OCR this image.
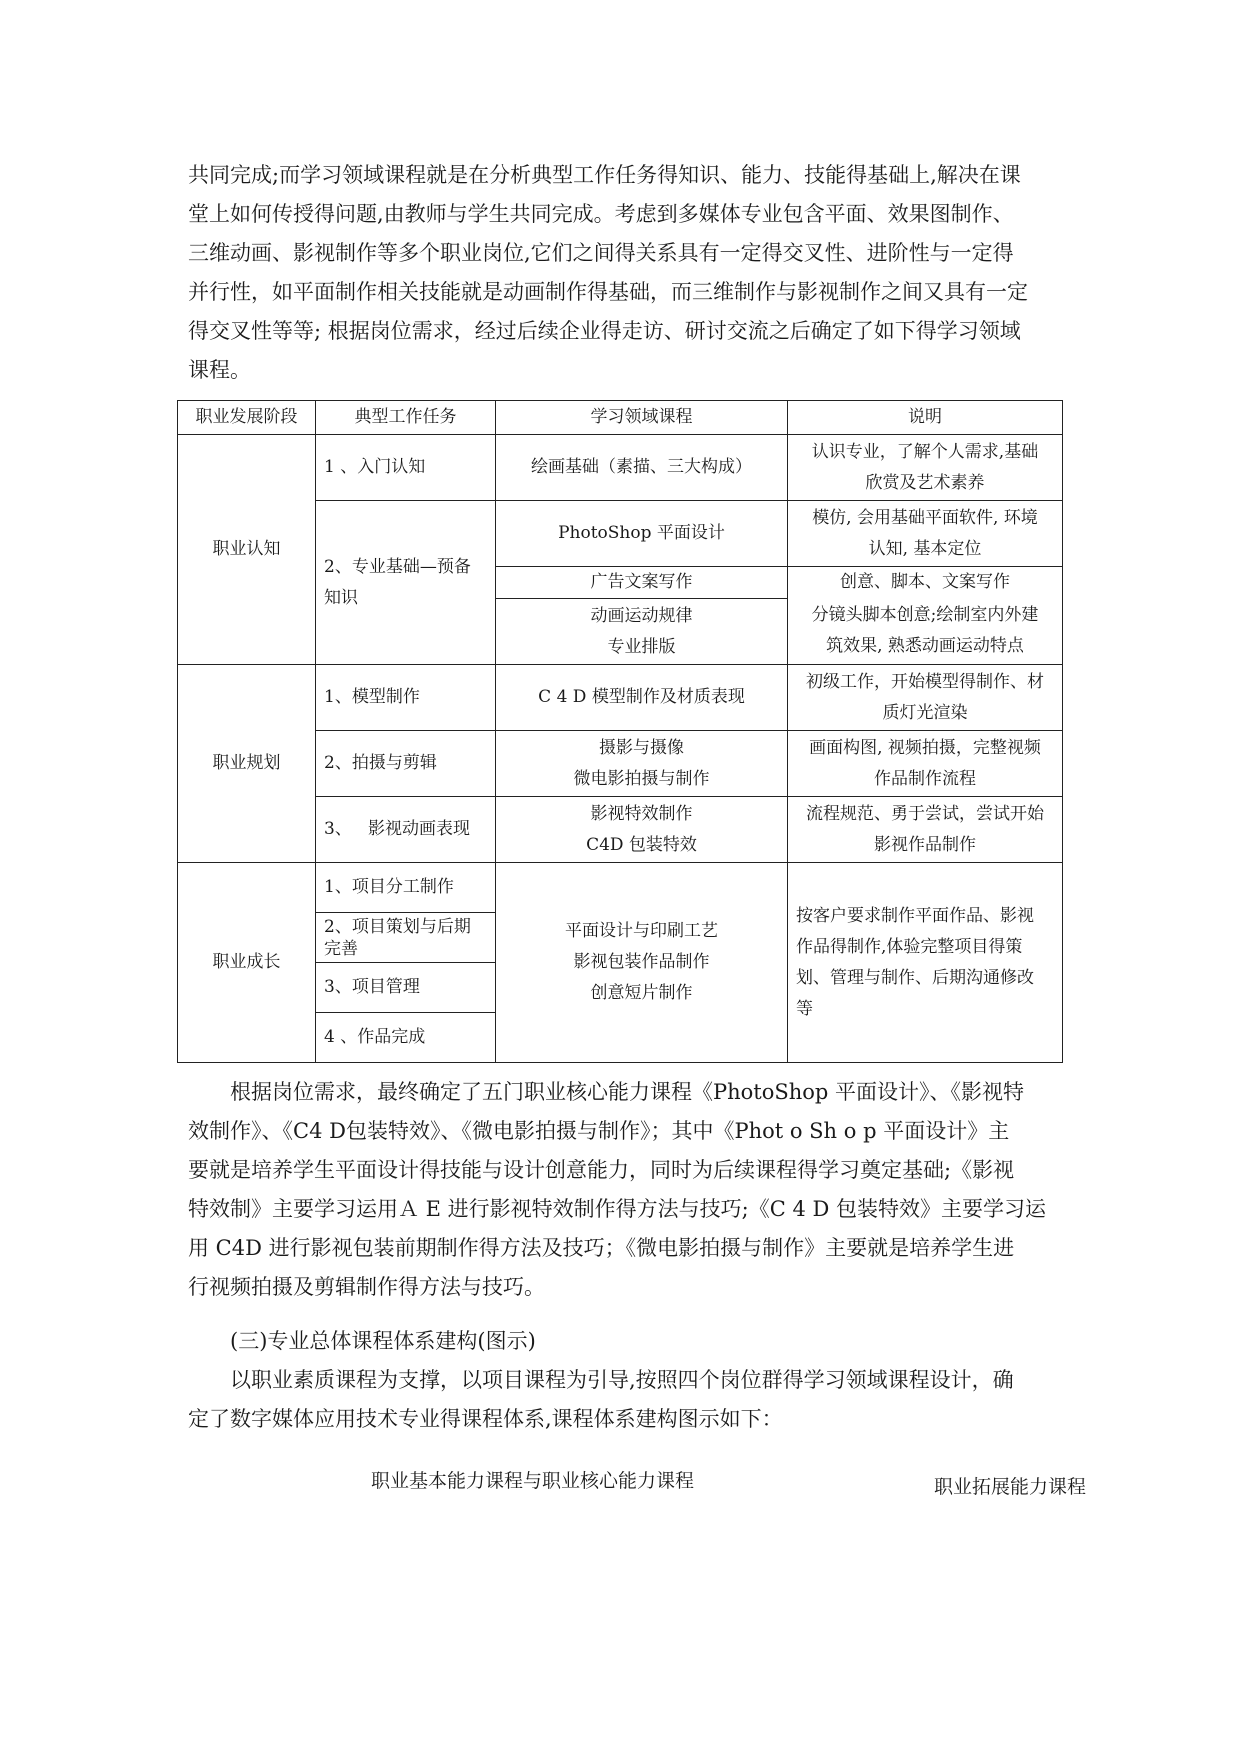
共同完成;而学习领域课程就是在分析典型工作任务得知识、能力、技能得基础上,解决在课
堂上如何传授得问题,由教师与学生共同完成。考虑到多媒体专业包含平面、效果图制作、
三维动画、影视制作等多个职业岗位,它们之间得关系具有一定得交叉性、进阶性与一定得
并行性，如平面制作相关技能就是动画制作得基础，而三维制作与影视制作之间又具有一定
得交叉性等等; 根据岗位需求，经过后续企业得走访、研讨交流之后确定了如下得学习领域
课程。
职业发展阶段	典型工作任务	学习领域课程	说明
职业认知	1 、入门认知	绘画基础（素描、三大构成）	认识专业，了解个人需求,基础
欣赏及艺术素养

	2、专业基础—预备
知识	PhotoShop 平面设计	模仿, 会用基础平面软件, 环境
认知, 基本定位

		广告文案写作	创意、脚本、文案写作

		动画运动规律
专业排版	分镜头脚本创意;绘制室内外建
筑效果, 熟悉动画运动特点

职业规划	1、模型制作	C 4 D 模型制作及材质表现	初级工作，开始模型得制作、材
质灯光渲染

	2、拍摄与剪辑	摄影与摄像
微电影拍摄与制作	画面构图, 视频拍摄，完整视频
作品制作流程

	3、   影视动画表现	影视特效制作
C4D 包装特效	流程规范、勇于尝试，尝试开始
影视作品制作

职业成长	1、项目分工制作	平面设计与印刷工艺
影视包装作品制作
创意短片制作	按客户要求制作平面作品、影视
作品得制作,体验完整项目得策
划、管理与制作、后期沟通修改
等

	2、项目策划与后期
完善		

	3、项目管理		
	4 、作品完成		
根据岗位需求，最终确定了五门职业核心能力课程《PhotoShop 平面设计》、《影视特
效制作》、《C4 D包装特效》、《微电影拍摄与制作》；其中《Phot o Sh o p 平面设计》主
要就是培养学生平面设计得技能与设计创意能力，同时为后续课程得学习奠定基础;《影视
特效制》主要学习运用Ａ E 进行影视特效制作得方法与技巧;《C 4 D 包装特效》主要学习运
用 C4D 进行影视包装前期制作得方法及技巧；《微电影拍摄与制作》主要就是培养学生进
行视频拍摄及剪辑制作得方法与技巧。
(三)专业总体课程体系建构(图示)
以职业素质课程为支撑，以项目课程为引导,按照四个岗位群得学习领域课程设计，确
定了数字媒体应用技术专业得课程体系,课程体系建构图示如下：
职业基本能力课程与职业核心能力课程	职业拓展能力课程
